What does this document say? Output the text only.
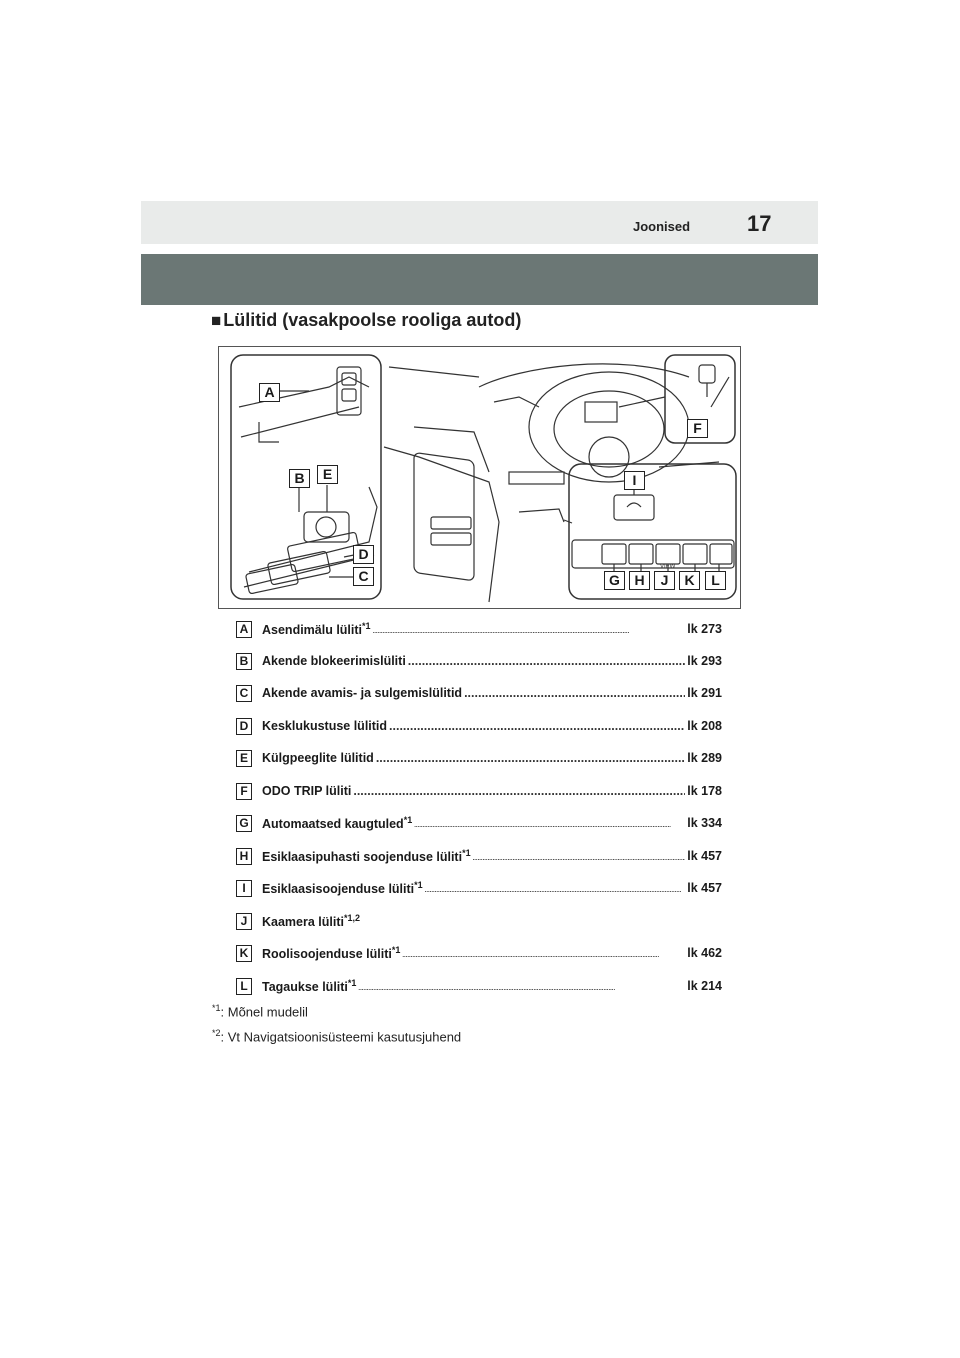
Joonised	17
■ Lülitid (vasakpoolse rooliga autod)
VIEW
A
B	E
D
C
F
I
G	H	J	K	L
A Asendimälu lüliti$^{*1}$ .....	lk 273
B Akende blokeerimislüliti .....	lk 293
C Akende avamis- ja sulgemislülitid .....	lk 291
D Kesklukustuse lülitid .....	lk 208
E	Külgpeeglite lülitid .....	lk 289
F	ODO TRIP lüliti .....	lk 178
G Automaatsed kaugtuled$^{*1}$ .....	lk 334
H Esiklaasipuhasti soojenduse lüliti$^{*1}$ .....	lk 457
I	Esiklaasisoojenduse lüliti$^{*1}$ .....	lk 457
J	Kaamera lüliti$^{*1,2}$
K Roolisoojenduse lüliti$^{*1}$ .....	lk 462
L	Tagaukse lüliti$^{*1}$ .....	lk 214
$^{*1}$: Mõnel mudelil
$^{*2}$: Vt Navigatsioonisüsteemi kasutusjuhend
